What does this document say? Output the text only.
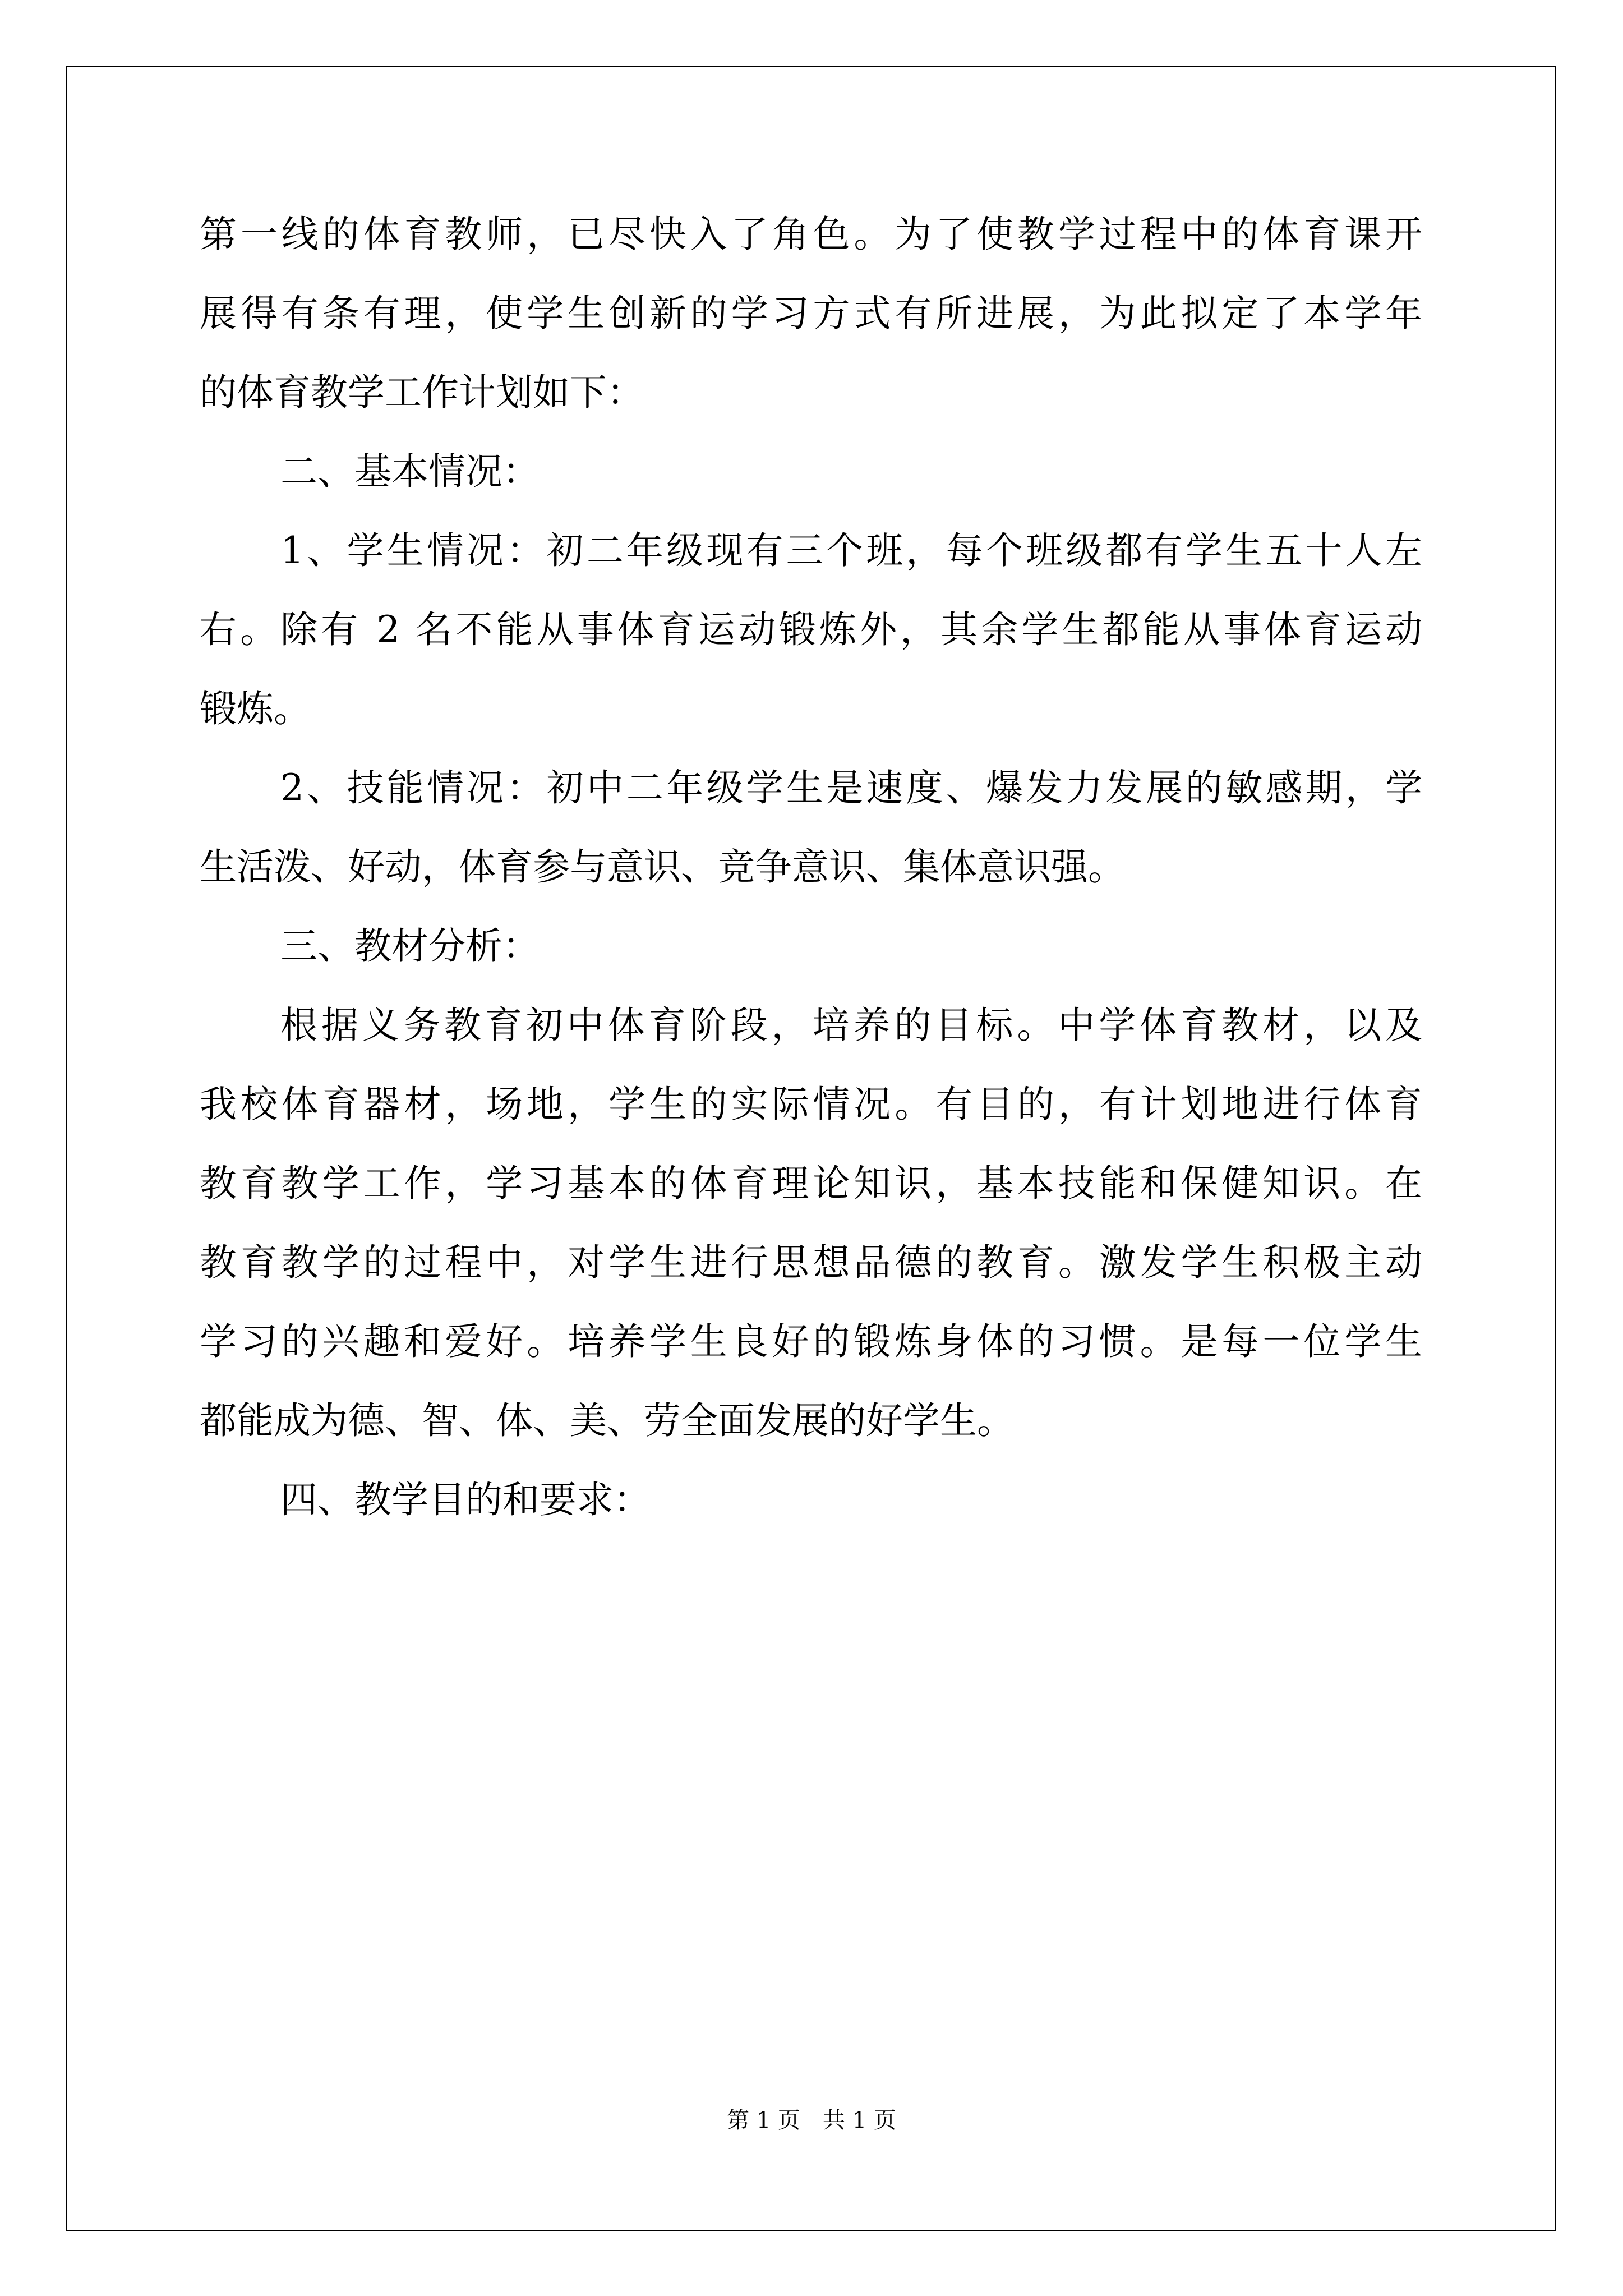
第一线的体育教师，已尽快入了角色。为了使教学过程中的体育课开
展得有条有理，使学生创新的学习方式有所进展，为此拟定了本学年
的体育教学工作计划如下：
二、基本情况：
1、学生情况：初二年级现有三个班，每个班级都有学生五十人左
右。除有 2 名不能从事体育运动锻炼外，其余学生都能从事体育运动
锻炼。
2、技能情况：初中二年级学生是速度、爆发力发展的敏感期，学
生活泼、好动，体育参与意识、竞争意识、集体意识强。
三、教材分析：
根据义务教育初中体育阶段，培养的目标。中学体育教材，以及
我校体育器材，场地，学生的实际情况。有目的，有计划地进行体育
教育教学工作，学习基本的体育理论知识，基本技能和保健知识。在
教育教学的过程中，对学生进行思想品德的教育。激发学生积极主动
学习的兴趣和爱好。培养学生良好的锻炼身体的习惯。是每一位学生
都能成为德、智、体、美、劳全面发展的好学生。
四、教学目的和要求：
第 1 页　共 1 页
